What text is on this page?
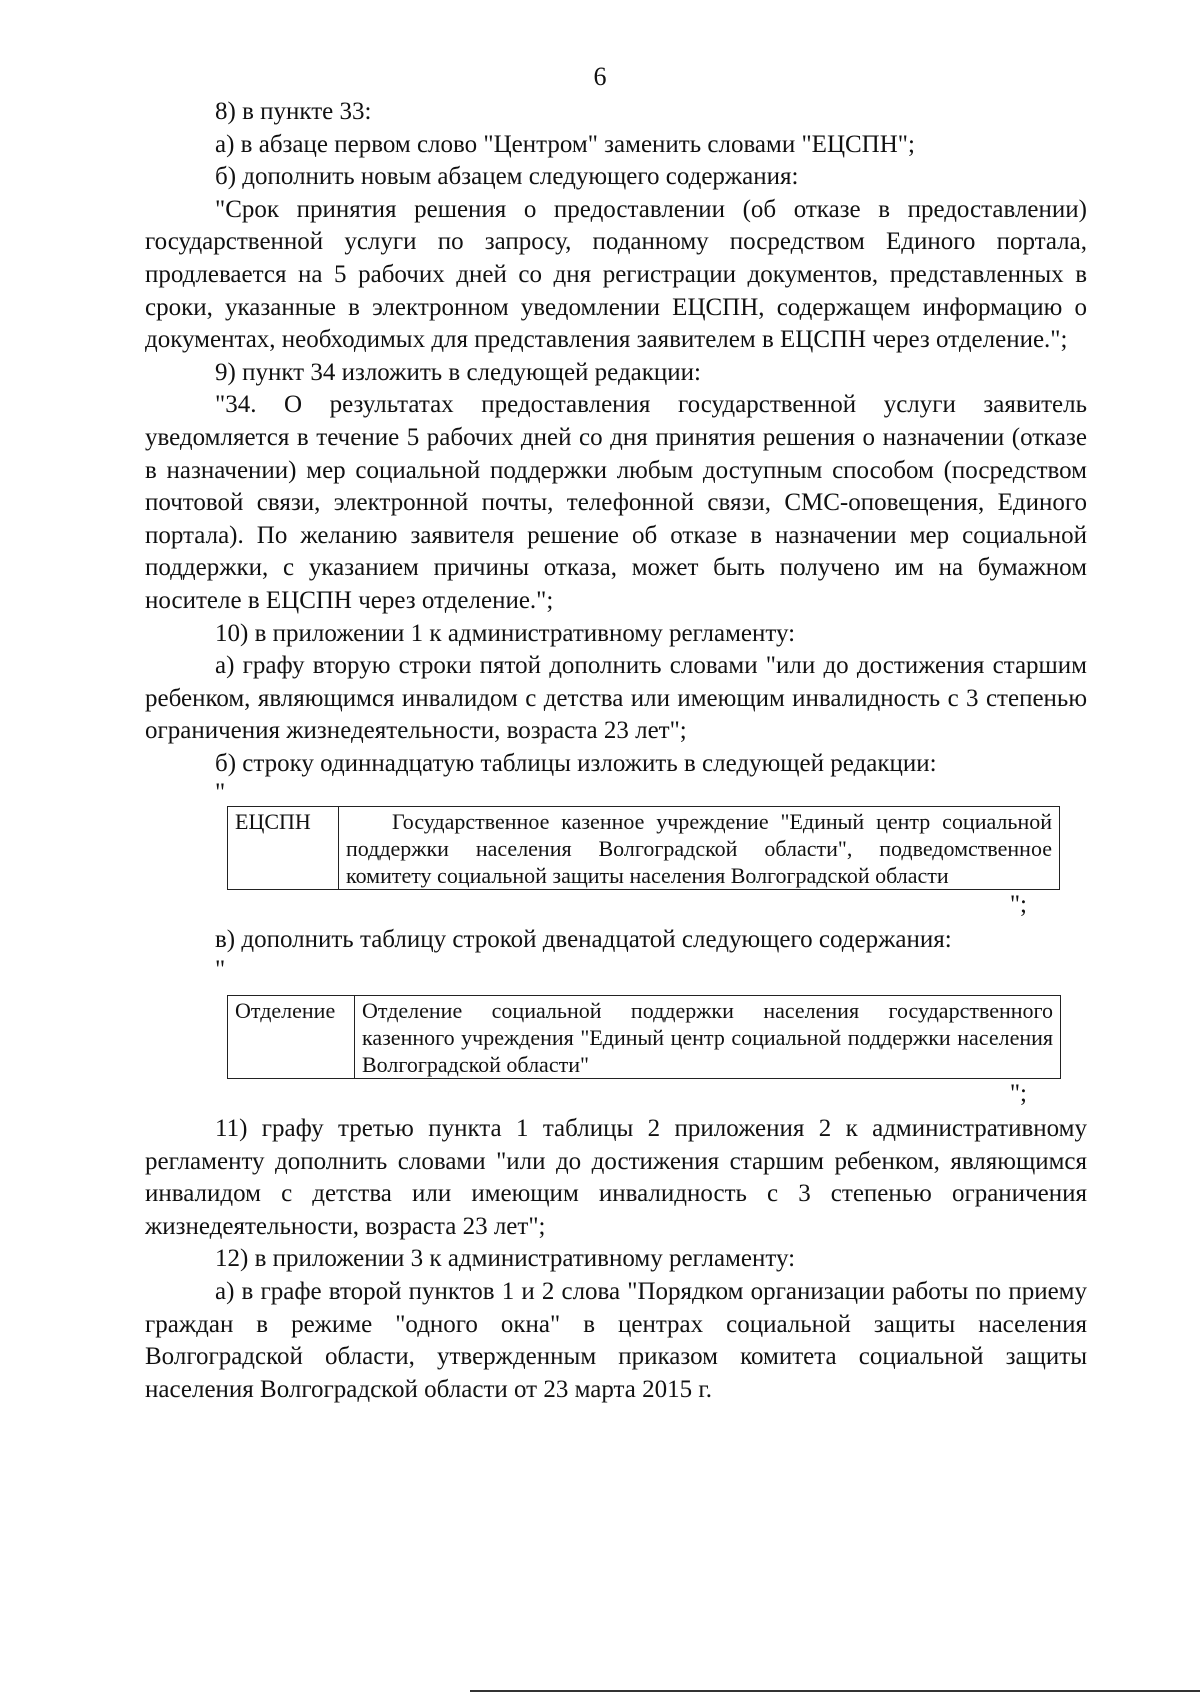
6

8) в пункте 33:

а) в абзаце первом слово "Центром" заменить словами "ЕЦСПН";

б) дополнить новым абзацем следующего содержания:

"Срок принятия решения о предоставлении (об отказе в предоставлении) государственной услуги по запросу, поданному посредством Единого портала, продлевается на 5 рабочих дней со дня регистрации документов, представленных в сроки, указанные в электронном уведомлении ЕЦСПН, содержащем информацию о документах, необходимых для представления заявителем в ЕЦСПН через отделение.";

9) пункт 34 изложить в следующей редакции:

"34. О результатах предоставления государственной услуги заявитель уведомляется в течение 5 рабочих дней со дня принятия решения о назначении (отказе в назначении) мер социальной поддержки любым доступным способом (посредством почтовой связи, электронной почты, телефонной связи, СМС-оповещения, Единого портала). По желанию заявителя решение об отказе в назначении мер социальной поддержки, с указанием причины отказа, может быть получено им на бумажном носителе в ЕЦСПН через отделение.";

10) в приложении 1 к административному регламенту:

а) графу вторую строки пятой дополнить словами "или до достижения старшим ребенком, являющимся инвалидом с детства или имеющим инвалидность с 3 степенью ограничения жизнедеятельности, возраста 23 лет";

б) строку одиннадцатую таблицы изложить в следующей редакции:

"

ЕЦСПН	Государственное казенное учреждение "Единый центр социальной поддержки населения Волгоградской области", подведомственное комитету социальной защиты населения Волгоградской области

";

в) дополнить таблицу строкой двенадцатой следующего содержания:

"

Отделение	Отделение социальной поддержки населения государственного казенного учреждения "Единый центр социальной поддержки населения Волгоградской области"

";

11) графу третью пункта 1 таблицы 2 приложения 2 к административному регламенту дополнить словами "или до достижения старшим ребенком, являющимся инвалидом с детства или имеющим инвалидность с 3 степенью ограничения жизнедеятельности, возраста 23 лет";

12) в приложении 3 к административному регламенту:

а) в графе второй пунктов 1 и 2 слова "Порядком организации работы по приему граждан в режиме "одного окна" в центрах социальной защиты населения Волгоградской области, утвержденным приказом комитета социальной защиты населения Волгоградской области от 23 марта 2015 г.
